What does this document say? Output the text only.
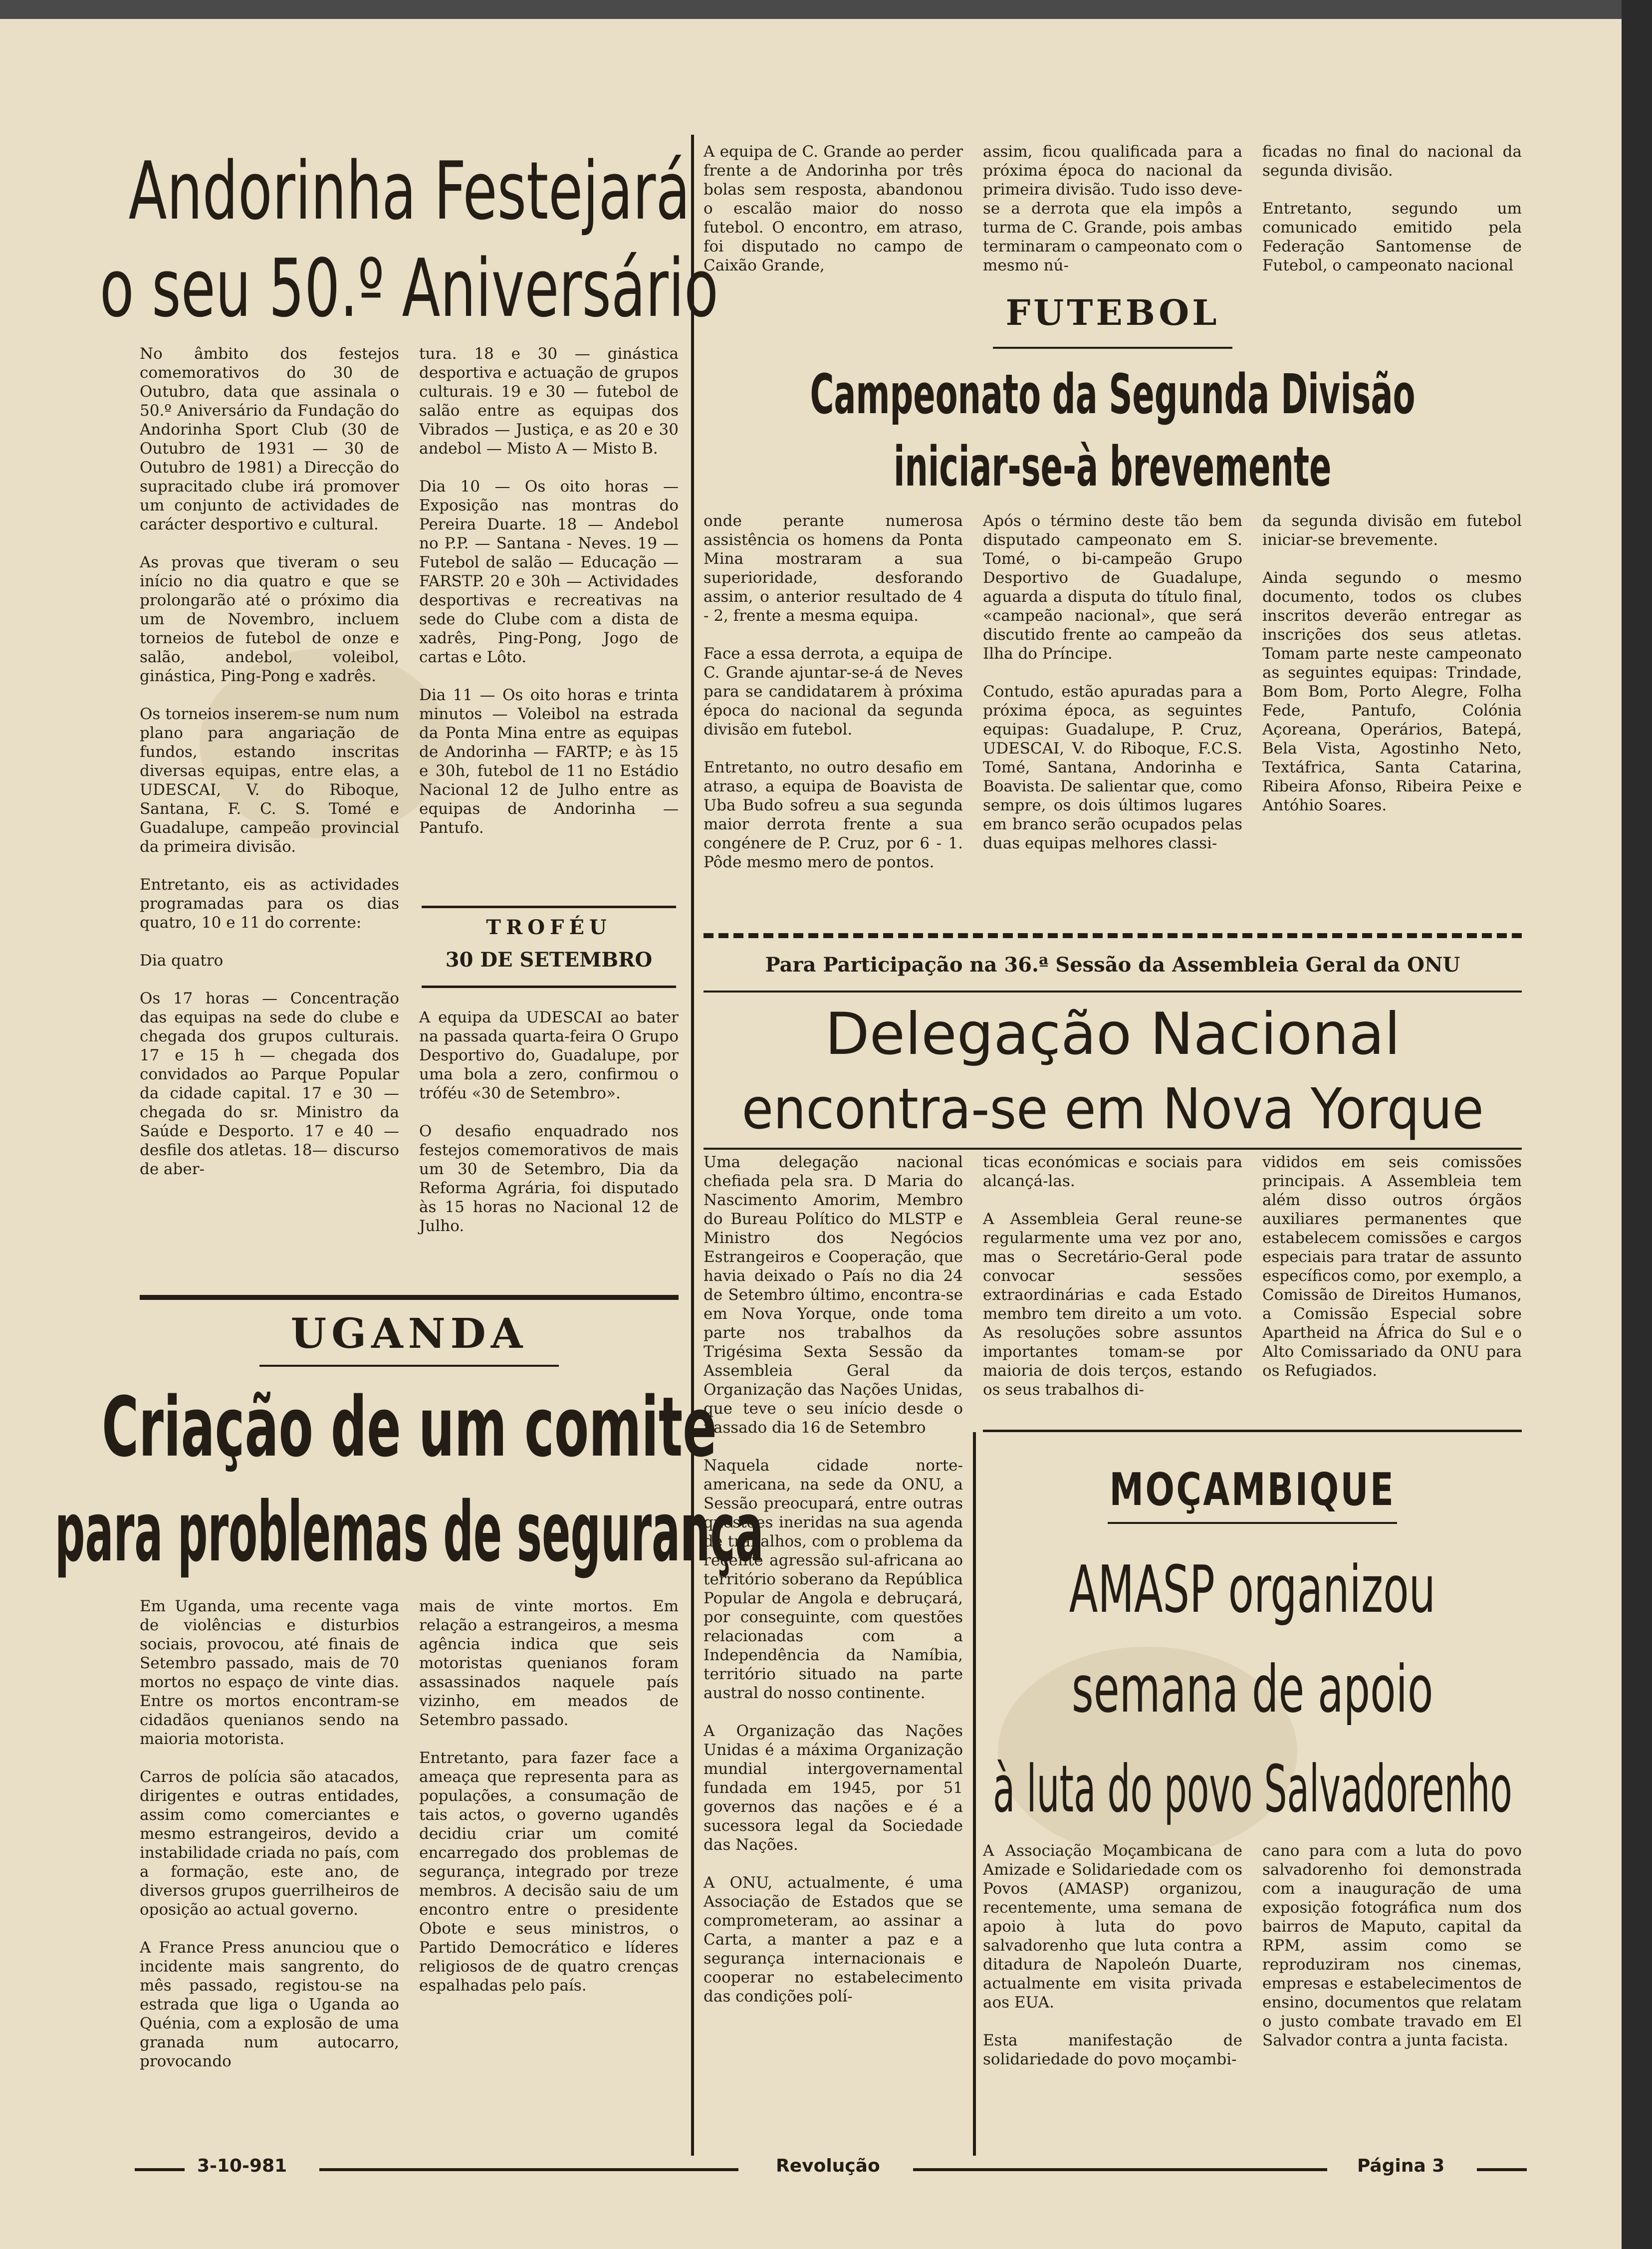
Andorinha Festejará
o seu 50.º Aniversário
No âmbito dos festejos comemorativos do 30 de Outubro, data que assinala o 50.º Aniversário da Fundação do Andorinha Sport Club (30 de Outubro de 1931 — 30 de Outubro de 1981) a Direcção do supracitado clube irá promover um conjunto de actividades de carácter desportivo e cultural.

As provas que tiveram o seu início no dia quatro e que se prolongarão até o próximo dia um de Novembro, incluem torneios de futebol de onze e salão, andebol, voleibol, ginástica, Ping-Pong e xadrês.

Os torneios inserem-se num num plano para angariação de fundos, estando inscritas diversas equipas, entre elas, a UDESCAI, V. do Riboque, Santana, F. C. S. Tomé e Guadalupe, campeão provincial da primeira divisão.

Entretanto, eis as actividades programadas para os dias quatro, 10 e 11 do corrente:

Dia quatro

Os 17 horas — Concentração das equipas na sede do clube e chegada dos grupos culturais. 17 e 15 h — chegada dos convidados ao Parque Popular da cidade capital. 17 e 30 — chegada do sr. Ministro da Saúde e Desporto. 17 e 40 — desfile dos atletas. 18— discurso de aber-
tura. 18 e 30 — ginástica desportiva e actuação de grupos culturais. 19 e 30 — futebol de salão entre as equipas dos Vibrados — Justiça, e as 20 e 30 andebol — Misto A — Misto B.

Dia 10 — Os oito horas — Exposição nas montras do Pereira Duarte. 18 — Andebol no P.P. — Santana - Neves. 19 — Futebol de salão — Educação — FARSTP. 20 e 30h — Actividades desportivas e recreativas na sede do Clube com a dista de xadrês, Ping-Pong, Jogo de cartas e Lôto.

Dia 11 — Os oito horas e trinta minutos — Voleibol na estrada da Ponta Mina entre as equipas de Andorinha — FARTP; e às 15 e 30h, futebol de 11 no Estádio Nacional 12 de Julho entre as equipas de Andorinha — Pantufo.
TROFÉU
30 DE SETEMBRO
A equipa da UDESCAI ao bater na passada quarta-feira O Grupo Desportivo do, Guadalupe, por uma bola a zero, confirmou o tróféu «30 de Setembro».

O desafio enquadrado nos festejos comemorativos de mais um 30 de Setembro, Dia da Reforma Agrária, foi disputado às 15 horas no Nacional 12 de Julho.
UGANDA
Criação de um comite
para problemas de segurança
Em Uganda, uma recente vaga de violências e disturbios sociais, provocou, até finais de Setembro passado, mais de 70 mortos no espaço de vinte dias. Entre os mortos encontram-se cidadãos quenianos sendo na maioria motorista.

Carros de polícia são atacados, dirigentes e outras entidades, assim como comerciantes e mesmo estrangeiros, devido a instabilidade criada no país, com a formação, este ano, de diversos grupos guerrilheiros de oposição ao actual governo.

A France Press anunciou que o incidente mais sangrento, do mês passado, registou-se na estrada que liga o Uganda ao Quénia, com a explosão de uma granada num autocarro, provocando
mais de vinte mortos. Em relação a estrangeiros, a mesma agência indica que seis motoristas quenianos foram assassinados naquele país vizinho, em meados de Setembro passado.

Entretanto, para fazer face a ameaça que representa para as populações, a consumação de tais actos, o governo ugandês decidiu criar um comité encarregado dos problemas de segurança, integrado por treze membros. A decisão saiu de um encontro entre o presidente Obote e seus ministros, o Partido Democrático e líderes religiosos de de quatro crenças espalhadas pelo país.
A equipa de C. Grande ao perder frente a de Andorinha por três bolas sem resposta, abandonou o escalão maior do nosso futebol. O encontro, em atraso, foi disputado no campo de Caixão Grande,
assim, ficou qualificada para a próxima época do nacional da primeira divisão. Tudo isso deve-se a derrota que ela impôs a turma de C. Grande, pois ambas terminaram o campeonato com o mesmo nú-
ficadas no final do nacional da segunda divisão.

Entretanto, segundo um comunicado emitido pela Federação Santomense de Futebol, o campeonato nacional
FUTEBOL
Campeonato da Segunda Divisão
iniciar-se-à brevemente
onde perante numerosa assistência os homens da Ponta Mina mostraram a sua superioridade, desforando assim, o anterior resultado de 4 - 2, frente a mesma equipa.

Face a essa derrota, a equipa de C. Grande ajuntar-se-á de Neves para se candidatarem à próxima época do nacional da segunda divisão em futebol.

Entretanto, no outro desafio em atraso, a equipa de Boavista de Uba Budo sofreu a sua segunda maior derrota frente a sua congénere de P. Cruz, por 6 - 1. Pôde mesmo mero de pontos.
Após o término deste tão bem disputado campeonato em S. Tomé, o bi-campeão Grupo Desportivo de Guadalupe, aguarda a disputa do título final, «campeão nacional», que será discutido frente ao campeão da Ilha do Príncipe.

Contudo, estão apuradas para a próxima época, as seguintes equipas: Guadalupe, P. Cruz, UDESCAI, V. do Riboque, F.C.S. Tomé, Santana, Andorinha e Boavista. De salientar que, como sempre, os dois últimos lugares em branco serão ocupados pelas duas equipas melhores classi-
da segunda divisão em futebol iniciar-se brevemente.

Ainda segundo o mesmo documento, todos os clubes inscritos deverão entregar as inscrições dos seus atletas. Tomam parte neste campeonato as seguintes equipas: Trindade, Bom Bom, Porto Alegre, Folha Fede, Pantufo, Colónia Açoreana, Operários, Batepá, Bela Vista, Agostinho Neto, Textáfrica, Santa Catarina, Ribeira Afonso, Ribeira Peixe e Antóhio Soares.
Para Participação na 36.ª Sessão da Assembleia Geral da ONU
Delegação Nacional
encontra-se em Nova Yorque
Uma delegação nacional chefiada pela sra. D Maria do Nascimento Amorim, Membro do Bureau Político do MLSTP e Ministro dos Negócios Estrangeiros e Cooperação, que havia deixado o País no dia 24 de Setembro último, encontra-se em Nova Yorque, onde toma parte nos trabalhos da Trigésima Sexta Sessão da Assembleia Geral da Organização das Nações Unidas, que teve o seu início desde o passado dia 16 de Setembro

Naquela cidade norte-americana, na sede da ONU, a Sessão preocupará, entre outras questões ineridas na sua agenda de trabalhos, com o problema da recente agressão sul-africana ao território soberano da República Popular de Angola e debruçará, por conseguinte, com questões relacionadas com a Independência da Namíbia, território situado na parte austral do nosso continente.

A Organização das Nações Unidas é a máxima Organização mundial intergovernamental fundada em 1945, por 51 governos das nações e é a sucessora legal da Sociedade das Nações.

A ONU, actualmente, é uma Associação de Estados que se comprometeram, ao assinar a Carta, a manter a paz e a segurança internacionais e cooperar no estabelecimento das condições polí-
ticas económicas e sociais para alcançá-las.

A Assembleia Geral reune-se regularmente uma vez por ano, mas o Secretário-Geral pode convocar sessões extraordinárias e cada Estado membro tem direito a um voto. As resoluções sobre assuntos importantes tomam-se por maioria de dois terços, estando os seus trabalhos di-
vididos em seis comissões principais. A Assembleia tem além disso outros órgãos auxiliares permanentes que estabelecem comissões e cargos especiais para tratar de assunto específicos como, por exemplo, a Comissão de Direitos Humanos, a Comissão Especial sobre Apartheid na África do Sul e o Alto Comissariado da ONU para os Refugiados.
MOÇAMBIQUE
AMASP organizou
semana de apoio
à luta do povo Salvadorenho
A Associação Moçambicana de Amizade e Solidariedade com os Povos (AMASP) organizou, recentemente, uma semana de apoio à luta do povo salvadorenho que luta contra a ditadura de Napoleón Duarte, actualmente em visita privada aos EUA.

Esta manifestação de solidariedade do povo moçambi-
cano para com a luta do povo salvadorenho foi demonstrada com a inauguração de uma exposição fotográfica num dos bairros de Maputo, capital da RPM, assim como se reproduziram nos cinemas, empresas e estabelecimentos de ensino, documentos que relatam o justo combate travado em El Salvador contra a junta facista.
3-10-981	Revolução	Página 3
